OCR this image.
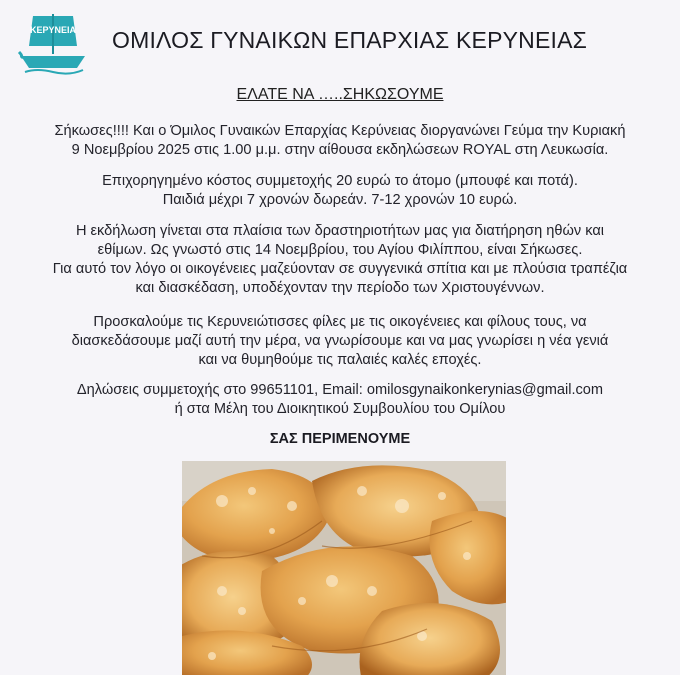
ΚΕΡΥΝΕΙΑ ΟΜΙΛΟΣ ΓΥΝΑΙΚΩΝ ΕΠΑΡΧΙΑΣ ΚΕΡΥΝΕΙΑΣ
ΕΛΑΤΕ ΝΑ …..ΣΗΚΩΣΟΥΜΕ
Σήκωσες!!!! Και ο Όμιλος Γυναικών Επαρχίας Κερύνειας διοργανώνει Γεύμα την Κυριακή
9 Νοεμβρίου 2025 στις 1.00 μ.μ. στην αίθουσα εκδηλώσεων ROYAL στη Λευκωσία.
Επιχορηγημένο κόστος συμμετοχής 20 ευρώ το άτομο (μπουφέ και ποτά).
Παιδιά μέχρι 7 χρονών δωρεάν. 7-12 χρονών 10 ευρώ.
Η εκδήλωση γίνεται στα πλαίσια των δραστηριοτήτων μας για διατήρηση ηθών και
εθίμων. Ως γνωστό στις 14 Νοεμβρίου, του Αγίου Φιλίππου, είναι Σήκωσες.
Για αυτό τον λόγο οι οικογένειες μαζεύονταν σε συγγενικά σπίτια και με πλούσια τραπέζια
και διασκέδαση, υποδέχονταν την περίοδο των Χριστουγέννων.
Προσκαλούμε τις Κερυνειώτισσες φίλες με τις οικογένειες και φίλους τους, να
διασκεδάσουμε μαζί αυτή την μέρα, να γνωρίσουμε και να μας γνωρίσει η νέα γενιά
και να θυμηθούμε τις παλαιές καλές εποχές.
Δηλώσεις συμμετοχής στο 99651101, Email: omilosgynaikonkerynias@gmail.com
ή στα Μέλη του Διοικητικού Συμβουλίου του Ομίλου
ΣΑΣ ΠΕΡΙΜΕΝΟΥΜΕ
